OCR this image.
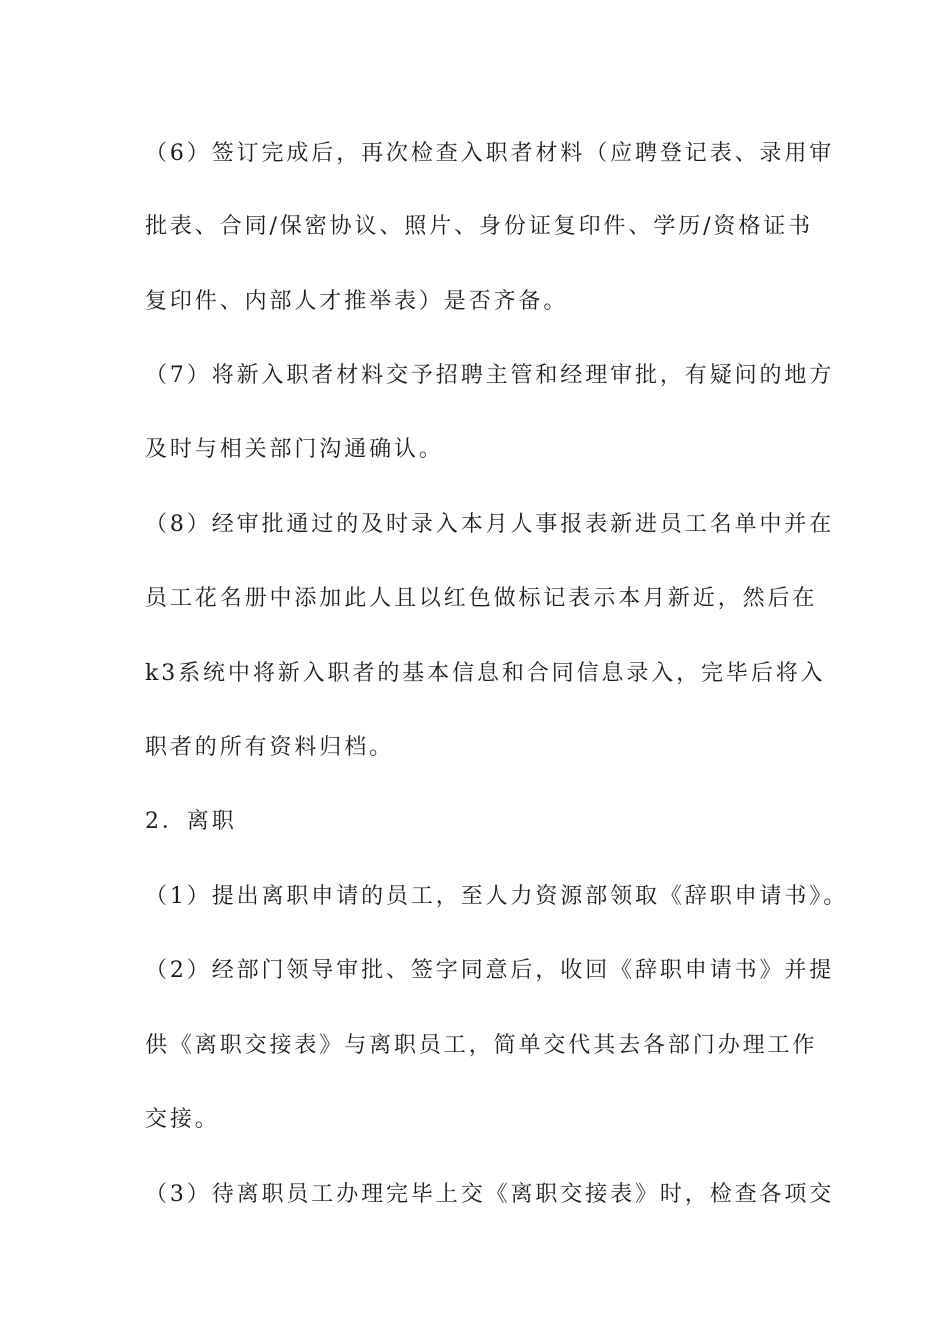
（6）签订完成后，再次检查入职者材料（应聘登记表、录用审
批表、合同/保密协议、照片、身份证复印件、学历/资格证书
复印件、内部人才推举表）是否齐备。
（7）将新入职者材料交予招聘主管和经理审批，有疑问的地方
及时与相关部门沟通确认。
（8）经审批通过的及时录入本月人事报表新进员工名单中并在
员工花名册中添加此人且以红色做标记表示本月新近，然后在
k3系统中将新入职者的基本信息和合同信息录入，完毕后将入
职者的所有资料归档。
2．离职
（1）提出离职申请的员工，至人力资源部领取《辞职申请书》。
（2）经部门领导审批、签字同意后，收回《辞职申请书》并提
供《离职交接表》与离职员工，简单交代其去各部门办理工作
交接。
（3）待离职员工办理完毕上交《离职交接表》时，检查各项交
